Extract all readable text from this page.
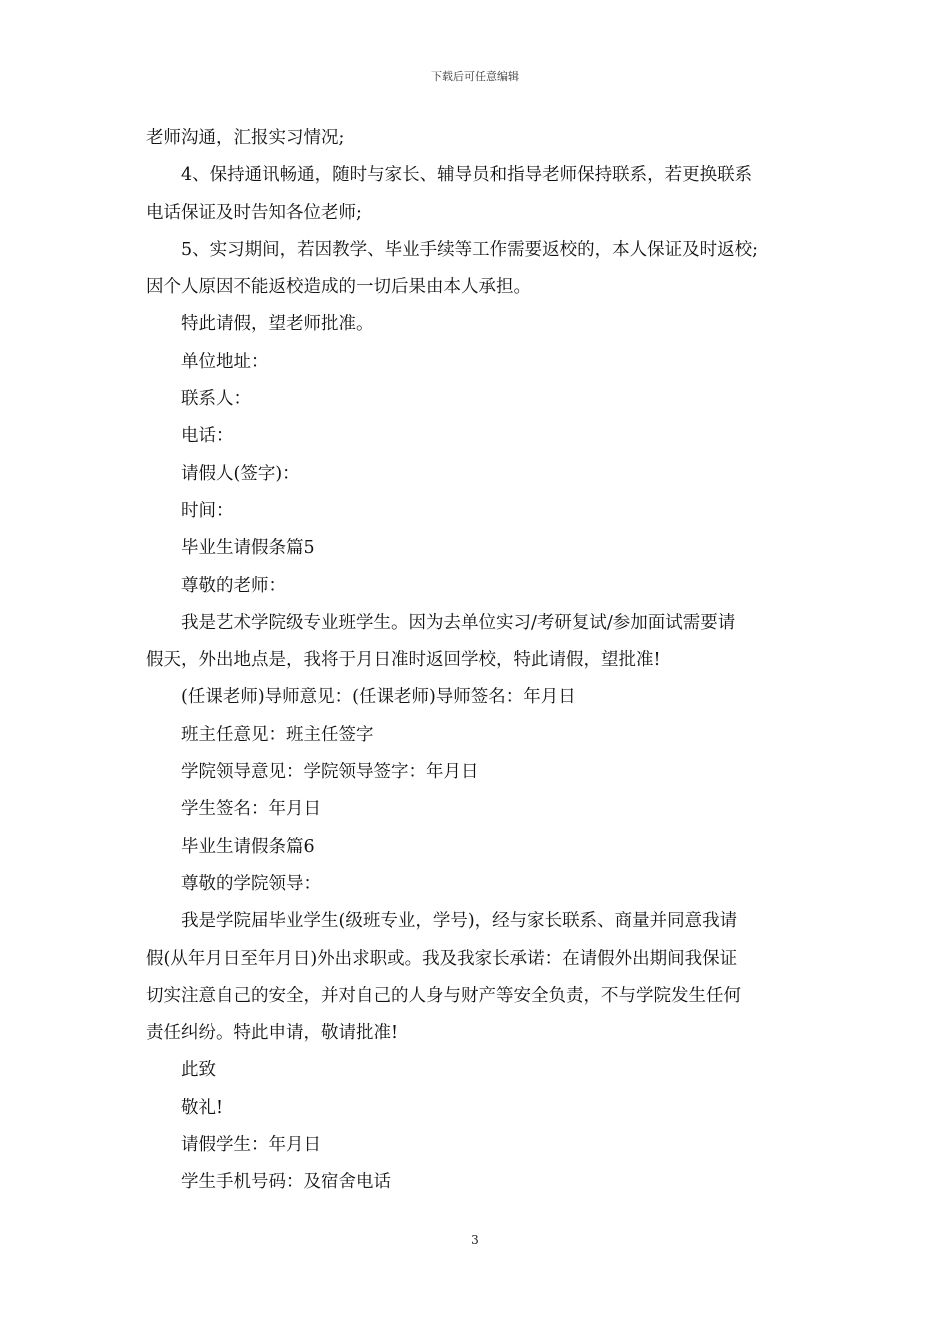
下载后可任意编辑
老师沟通，汇报实习情况;
4、保持通讯畅通，随时与家长、辅导员和指导老师保持联系，若更换联系
电话保证及时告知各位老师;
5、实习期间，若因教学、毕业手续等工作需要返校的，本人保证及时返校;
因个人原因不能返校造成的一切后果由本人承担。
特此请假，望老师批准。
单位地址：
联系人：
电话：
请假人(签字)：
时间：
毕业生请假条篇5
尊敬的老师：
我是艺术学院级专业班学生。因为去单位实习/考研复试/参加面试需要请
假天，外出地点是，我将于月日准时返回学校，特此请假，望批准!
(任课老师)导师意见：(任课老师)导师签名：年月日
班主任意见：班主任签字
学院领导意见：学院领导签字：年月日
学生签名：年月日
毕业生请假条篇6
尊敬的学院领导：
我是学院届毕业学生(级班专业，学号)，经与家长联系、商量并同意我请
假(从年月日至年月日)外出求职或。我及我家长承诺：在请假外出期间我保证
切实注意自己的安全，并对自己的人身与财产等安全负责，不与学院发生任何
责任纠纷。特此申请，敬请批准!
此致
敬礼!
请假学生：年月日
学生手机号码：及宿舍电话
3
